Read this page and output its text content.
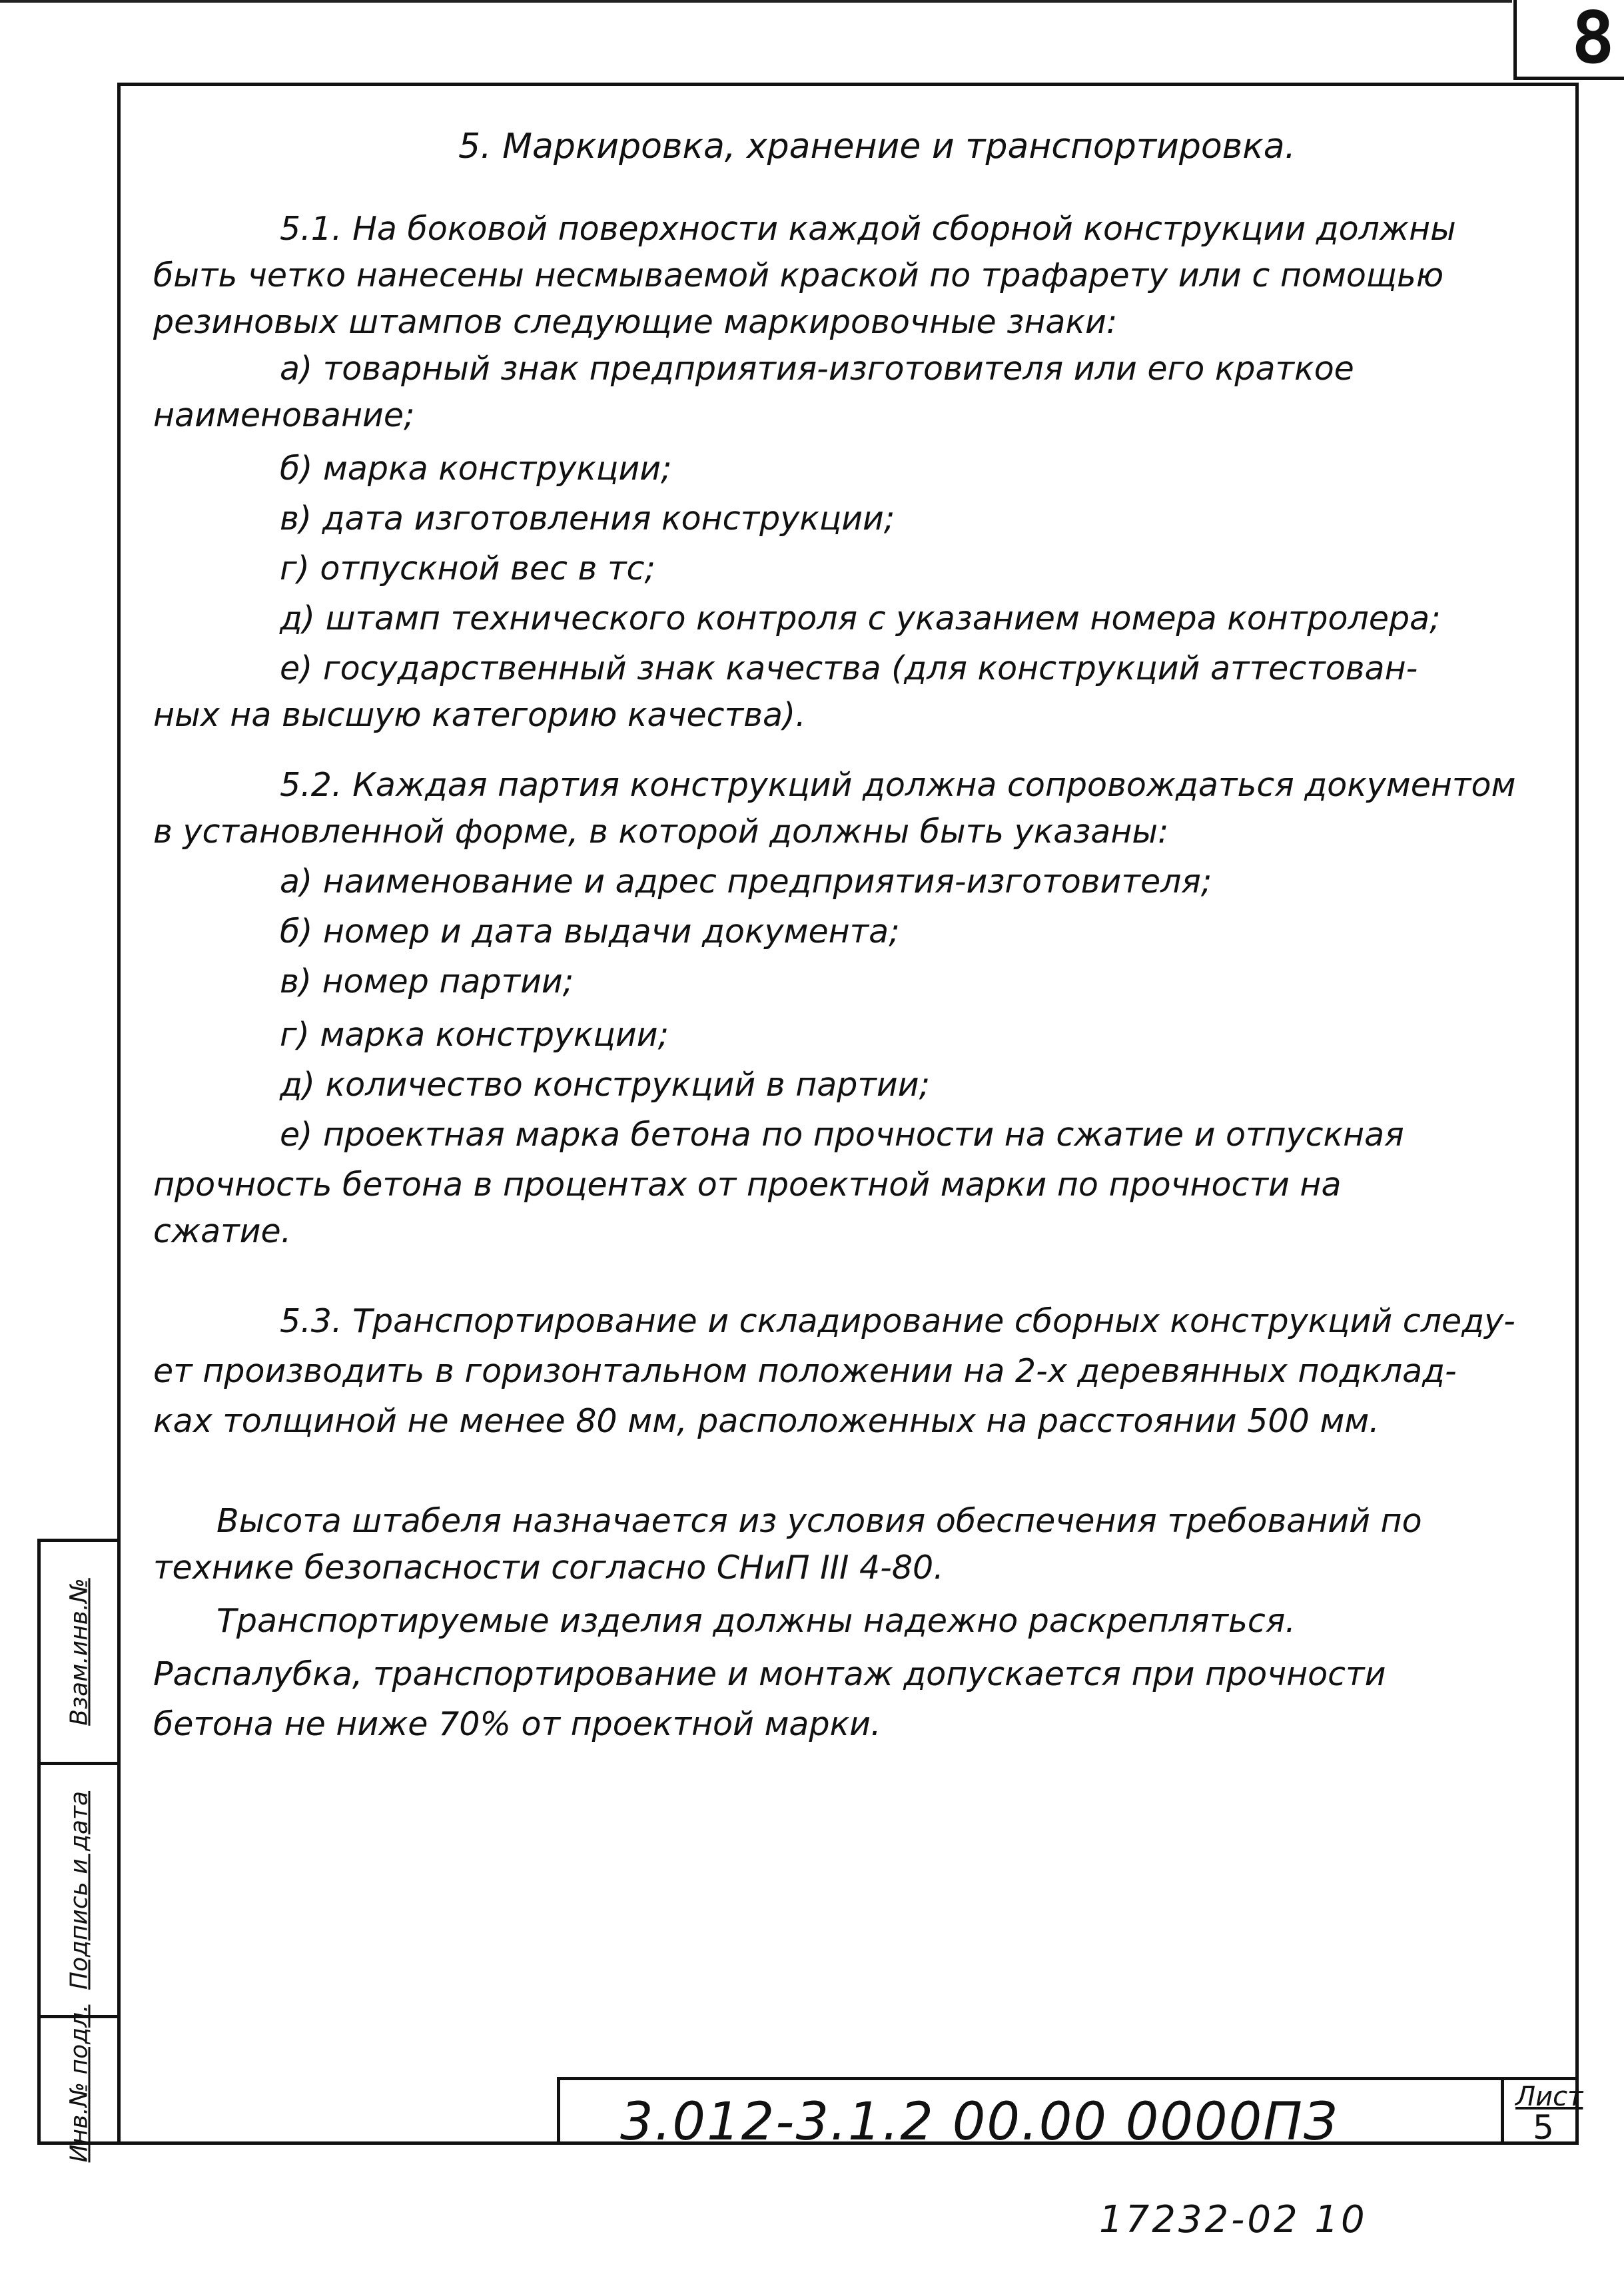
8
Взам.инв.№
Подпись и дата
Инв.№ подл.
5. Маркировка, хранение и транспортировка.
5.1. На боковой поверхности каждой сборной конструкции должны
быть четко нанесены несмываемой краской по трафарету или с помощью
резиновых штампов следующие маркировочные знаки:
а) товарный знак предприятия-изготовителя или его краткое
наименование;
б) марка конструкции;
в) дата изготовления конструкции;
г) отпускной вес в тс;
д) штамп технического контроля с указанием номера контролера;
е) государственный знак качества (для конструкций аттестован-
ных на высшую категорию качества).
5.2. Каждая партия конструкций должна сопровождаться документом
в установленной форме, в которой должны быть указаны:
а) наименование и адрес предприятия-изготовителя;
б) номер и дата выдачи документа;
в) номер партии;
г) марка конструкции;
д) количество конструкций в партии;
е) проектная марка бетона по прочности на сжатие и отпускная
прочность бетона в процентах от проектной марки по прочности на
сжатие.
5.3. Транспортирование и складирование сборных конструкций следу-
ет производить в горизонтальном положении на 2-х деревянных подклад-
ках толщиной не менее 80 мм, расположенных на расстоянии 500 мм.
Высота штабеля назначается из условия обеспечения требований по
технике безопасности согласно СНиП III 4-80.
Транспортируемые изделия должны надежно раскрепляться.
Распалубка, транспортирование и монтаж допускается при прочности
бетона не ниже 70% от проектной марки.
3.012-3.1.2 00.00 0000ПЗ	Лист
5
17232-02 10
